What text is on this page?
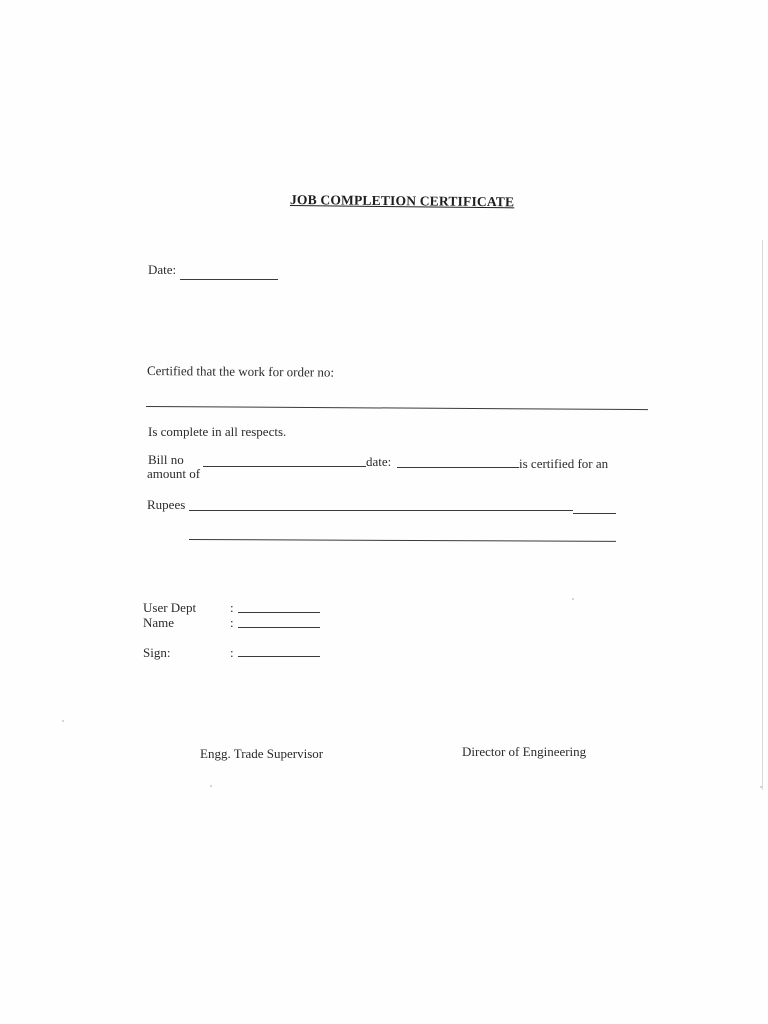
JOB COMPLETION CERTIFICATE
Date:
Certified that the work for order no:
Is complete in all respects.
Bill no	date:	is certified for an
amount of
Rupees
User Dept	:
Name	:
Sign:	:
Engg. Trade Supervisor	Director of Engineering
